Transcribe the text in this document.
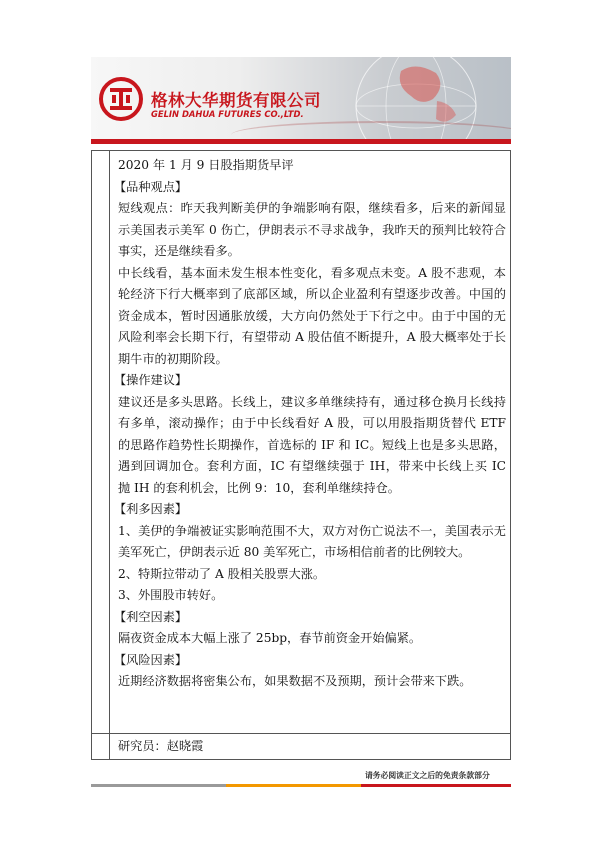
格林大华期货有限公司
GELIN DAHUA FUTURES CO.,LTD.

2020 年 1 月 9 日股指期货早评

【品种观点】

短线观点：昨天我判断美伊的争端影响有限，继续看多，后来的新闻显示美国表示美军 0 伤亡，伊朗表示不寻求战争，我昨天的预判比较符合事实，还是继续看多。

中长线看，基本面未发生根本性变化，看多观点未变。A 股不悲观，本轮经济下行大概率到了底部区域，所以企业盈利有望逐步改善。中国的资金成本，暂时因通胀放缓，大方向仍然处于下行之中。由于中国的无风险利率会长期下行，有望带动 A 股估值不断提升，A 股大概率处于长期牛市的初期阶段。

【操作建议】

建议还是多头思路。长线上，建议多单继续持有，通过移仓换月长线持有多单，滚动操作；由于中长线看好 A 股，可以用股指期货替代 ETF 的思路作趋势性长期操作，首选标的 IF 和 IC。短线上也是多头思路，遇到回调加仓。套利方面，IC 有望继续强于 IH，带来中长线上买 IC 抛 IH 的套利机会，比例 9：10，套利单继续持仓。

【利多因素】

1、美伊的争端被证实影响范围不大，双方对伤亡说法不一，美国表示无美军死亡，伊朗表示近 80 美军死亡，市场相信前者的比例较大。

2、特斯拉带动了 A 股相关股票大涨。

3、外围股市转好。

【利空因素】

隔夜资金成本大幅上涨了 25bp，春节前资金开始偏紧。

【风险因素】

近期经济数据将密集公布，如果数据不及预期，预计会带来下跌。

研究员：赵晓霞
请务必阅读正文之后的免责条款部分
